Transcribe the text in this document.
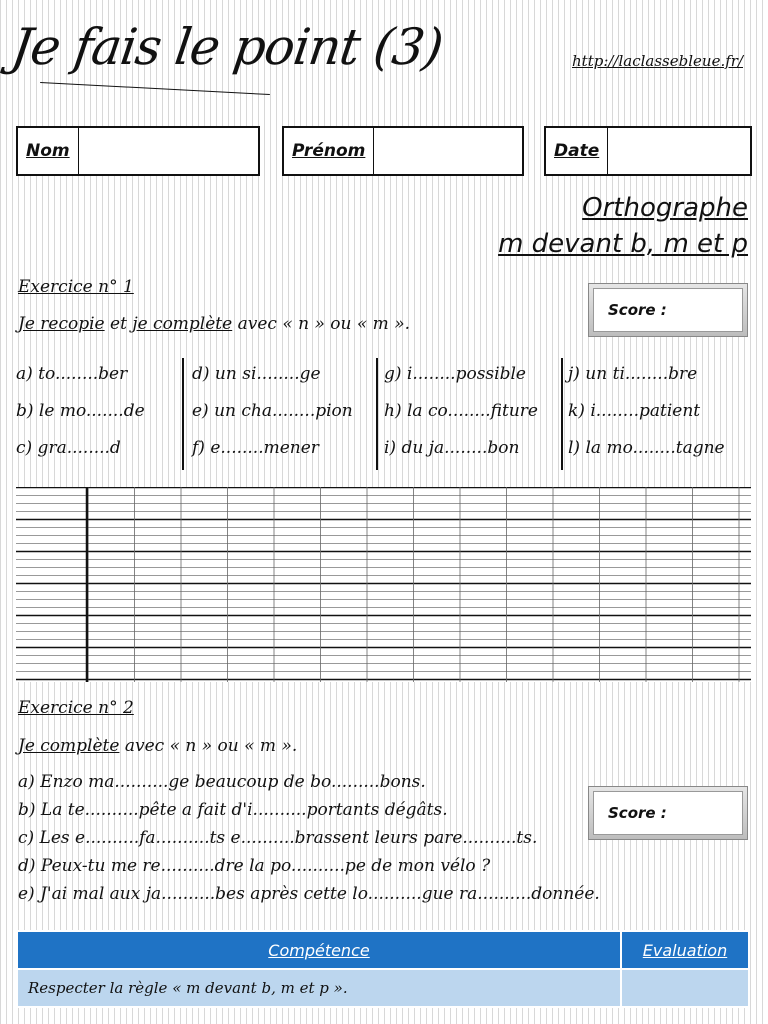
Je fais le point (3)	http://laclassebleue.fr/
Nom	Prénom	Date
Orthographe
m devant b, m et p
Exercice n° 1
Je recopie et je complète avec « n » ou « m ».
Score :
a) to........ber
b) le mo.......de
c) gra........d
d) un si........ge
e) un cha........pion
f) e........mener
g) i........possible
h) la co........fiture
i) du ja........bon
j) un ti........bre
k) i........patient
l) la mo........tagne
Exercice n° 2
Je complète avec « n » ou « m ».
Score :
a) Enzo ma..........ge beaucoup de bo.........bons.
b) La te..........pête a fait d'i..........portants dégâts.
c) Les e..........fa..........ts e..........brassent leurs pare..........ts.
d) Peux-tu me re..........dre la po..........pe de mon vélo ?
e) J'ai mal aux ja..........bes après cette lo..........gue ra..........donnée.
Compétence	Evaluation
Respecter la règle « m devant b, m et p ».	
